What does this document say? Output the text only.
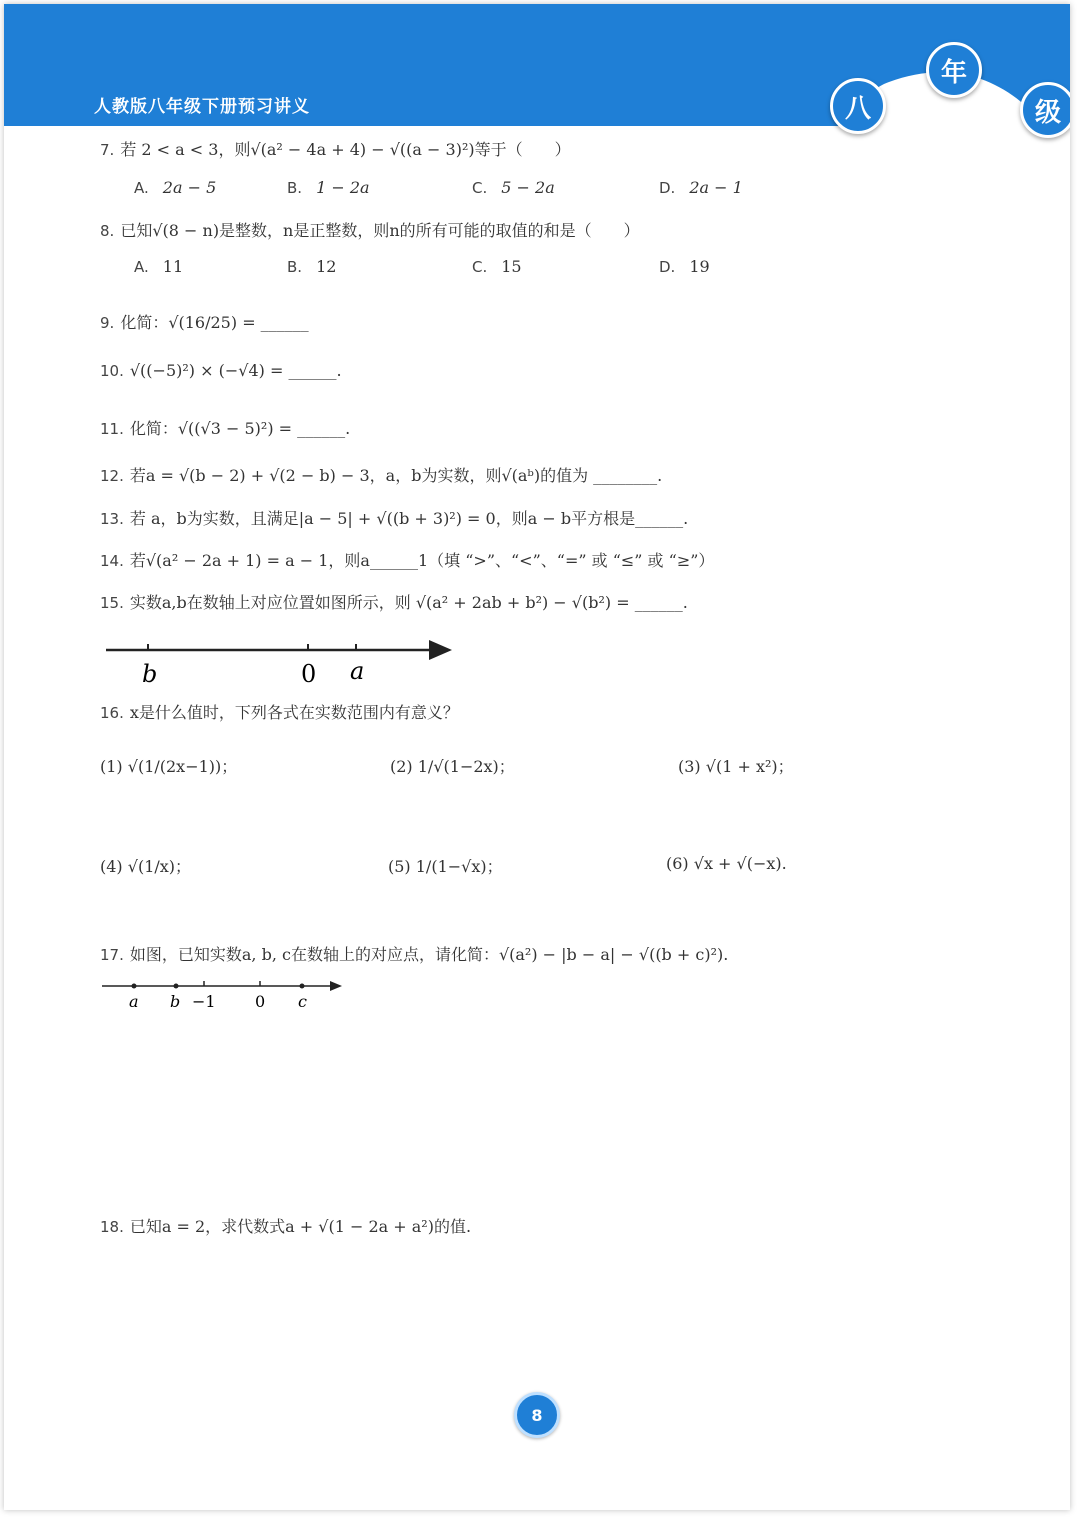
人教版八年级下册预习讲义	八
年
级
7. 若 2 < a < 3，则√(a² − 4a + 4) − √((a − 3)²)等于（　　）
A. 2a − 5	B. 1 − 2a	C. 5 − 2a	D. 2a − 1
8. 已知√(8 − n)是整数，n是正整数，则n的所有可能的取值的和是（　　）
A. 11	B. 12	C. 15	D. 19
9. 化简：√(16/25) = ______
10. √((−5)²) × (−√4) = ______.
11. 化简：√((√3 − 5)²) = ______.
12. 若a = √(b − 2) + √(2 − b) − 3，a，b为实数，则√(aᵇ)的值为 ________.
13. 若 a，b为实数，且满足|a − 5| + √((b + 3)²) = 0，则a − b平方根是______.
14. 若√(a² − 2a + 1) = a − 1，则a______1（填 “>”、“<”、“=” 或 “≤” 或 “≥”）
15. 实数a,b在数轴上对应位置如图所示，则 √(a² + 2ab + b²) − √(b²) = ______.
b	0 a
16. x是什么值时，下列各式在实数范围内有意义？
(1) √(1/(2x−1))；	(2) 1/√(1−2x)；	(3) √(1 + x²)；
(4) √(1/x)；	(5) 1/(1−√x)；	(6) √x + √(−x).
17. 如图，已知实数a, b, c在数轴上的对应点，请化简：√(a²) − |b − a| − √((b + c)²).
a b −1 0 c
18. 已知a = 2，求代数式a + √(1 − 2a + a²)的值.
8
